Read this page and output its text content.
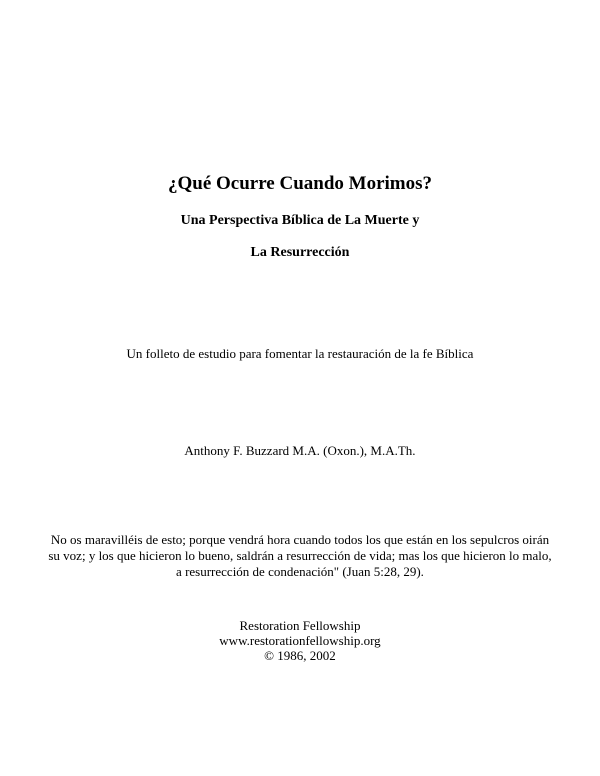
¿Qué Ocurre Cuando Morimos?
Una Perspectiva Bíblica de La Muerte y
La Resurrección
Un folleto de estudio para fomentar la restauración de la fe Bíblica
Anthony F. Buzzard M.A. (Oxon.), M.A.Th.
No os maravilléis de esto; porque vendrá hora cuando todos los que están en los sepulcros oirán
su voz; y los que hicieron lo bueno, saldrán a resurrección de vida; mas los que hicieron lo malo,
a resurrección de condenación" (Juan 5:28, 29).
Restoration Fellowship
www.restorationfellowship.org
© 1986, 2002
